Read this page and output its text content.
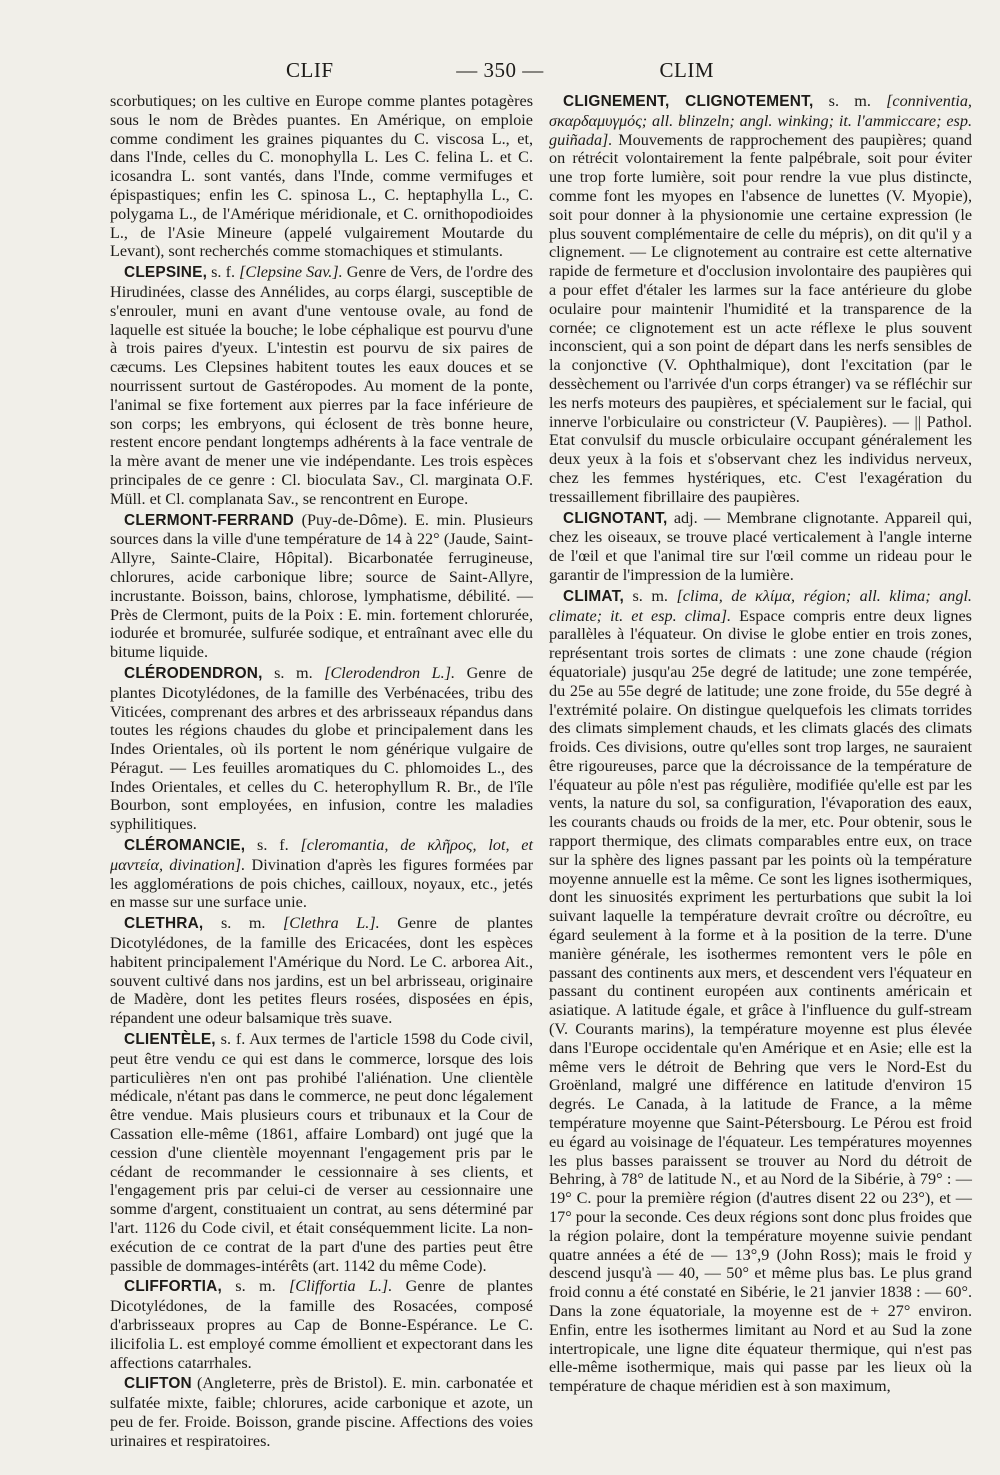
CLIF	— 350 —	CLIM

scorbutiques; on les cultive en Europe comme plantes potagères sous le nom de Brèdes puantes. En Amérique, on emploie comme condiment les graines piquantes du C. viscosa L., et, dans l'Inde, celles du C. monophylla L. Les C. felina L. et C. icosandra L. sont vantés, dans l'Inde, comme vermifuges et épispastiques; enfin les C. spinosa L., C. heptaphylla L., C. polygama L., de l'Amérique méridionale, et C. ornithopodioides L., de l'Asie Mineure (appelé vulgairement Moutarde du Levant), sont recherchés comme stomachiques et stimulants.

CLEPSINE, s. f. [Clepsine Sav.]. Genre de Vers, de l'ordre des Hirudinées, classe des Annélides, au corps élargi, susceptible de s'enrouler, muni en avant d'une ventouse ovale, au fond de laquelle est située la bouche; le lobe céphalique est pourvu d'une à trois paires d'yeux. L'intestin est pourvu de six paires de cæcums. Les Clepsines habitent toutes les eaux douces et se nourrissent surtout de Gastéropodes. Au moment de la ponte, l'animal se fixe fortement aux pierres par la face inférieure de son corps; les embryons, qui éclosent de très bonne heure, restent encore pendant longtemps adhérents à la face ventrale de la mère avant de mener une vie indépendante. Les trois espèces principales de ce genre : Cl. bioculata Sav., Cl. marginata O.F. Müll. et Cl. complanata Sav., se rencontrent en Europe.

CLERMONT-FERRAND (Puy-de-Dôme). E. min. Plusieurs sources dans la ville d'une température de 14 à 22° (Jaude, Saint-Allyre, Sainte-Claire, Hôpital). Bicarbonatée ferrugineuse, chlorures, acide carbonique libre; source de Saint-Allyre, incrustante. Boisson, bains, chlorose, lymphatisme, débilité. — Près de Clermont, puits de la Poix : E. min. fortement chlorurée, iodurée et bromurée, sulfurée sodique, et entraînant avec elle du bitume liquide.

CLÉRODENDRON, s. m. [Clerodendron L.]. Genre de plantes Dicotylédones, de la famille des Verbénacées, tribu des Viticées, comprenant des arbres et des arbrisseaux répandus dans toutes les régions chaudes du globe et principalement dans les Indes Orientales, où ils portent le nom générique vulgaire de Péragut. — Les feuilles aromatiques du C. phlomoides L., des Indes Orientales, et celles du C. heterophyllum R. Br., de l'île Bourbon, sont employées, en infusion, contre les maladies syphilitiques.

CLÉROMANCIE, s. f. [cleromantia, de κλῆρος, lot, et μαντεία, divination]. Divination d'après les figures formées par les agglomérations de pois chiches, cailloux, noyaux, etc., jetés en masse sur une surface unie.

CLETHRA, s. m. [Clethra L.]. Genre de plantes Dicotylédones, de la famille des Ericacées, dont les espèces habitent principalement l'Amérique du Nord. Le C. arborea Ait., souvent cultivé dans nos jardins, est un bel arbrisseau, originaire de Madère, dont les petites fleurs rosées, disposées en épis, répandent une odeur balsamique très suave.

CLIENTÈLE, s. f. Aux termes de l'article 1598 du Code civil, peut être vendu ce qui est dans le commerce, lorsque des lois particulières n'en ont pas prohibé l'aliénation. Une clientèle médicale, n'étant pas dans le commerce, ne peut donc légalement être vendue. Mais plusieurs cours et tribunaux et la Cour de Cassation elle-même (1861, affaire Lombard) ont jugé que la cession d'une clientèle moyennant l'engagement pris par le cédant de recommander le cessionnaire à ses clients, et l'engagement pris par celui-ci de verser au cessionnaire une somme d'argent, constituaient un contrat, au sens déterminé par l'art. 1126 du Code civil, et était conséquemment licite. La non-exécution de ce contrat de la part d'une des parties peut être passible de dommages-intérêts (art. 1142 du même Code).

CLIFFORTIA, s. m. [Cliffortia L.]. Genre de plantes Dicotylédones, de la famille des Rosacées, composé d'arbrisseaux propres au Cap de Bonne-Espérance. Le C. ilicifolia L. est employé comme émollient et expectorant dans les affections catarrhales.

CLIFTON (Angleterre, près de Bristol). E. min. carbonatée et sulfatée mixte, faible; chlorures, acide carbonique et azote, un peu de fer. Froide. Boisson, grande piscine. Affections des voies urinaires et respiratoires.

CLIGNEMENT, CLIGNOTEMENT, s. m. [conniventia, σκαρδαμυγμός; all. blinzeln; angl. winking; it. l'ammiccare; esp. guiñada]. Mouvements de rapprochement des paupières; quand on rétrécit volontairement la fente palpébrale, soit pour éviter une trop forte lumière, soit pour rendre la vue plus distincte, comme font les myopes en l'absence de lunettes (V. Myopie), soit pour donner à la physionomie une certaine expression (le plus souvent complémentaire de celle du mépris), on dit qu'il y a clignement. — Le clignotement au contraire est cette alternative rapide de fermeture et d'occlusion involontaire des paupières qui a pour effet d'étaler les larmes sur la face antérieure du globe oculaire pour maintenir l'humidité et la transparence de la cornée; ce clignotement est un acte réflexe le plus souvent inconscient, qui a son point de départ dans les nerfs sensibles de la conjonctive (V. Ophthalmique), dont l'excitation (par le dessèchement ou l'arrivée d'un corps étranger) va se réfléchir sur les nerfs moteurs des paupières, et spécialement sur le facial, qui innerve l'orbiculaire ou constricteur (V. Paupières). — || Pathol. Etat convulsif du muscle orbiculaire occupant généralement les deux yeux à la fois et s'observant chez les individus nerveux, chez les femmes hystériques, etc. C'est l'exagération du tressaillement fibrillaire des paupières.

CLIGNOTANT, adj. — Membrane clignotante. Appareil qui, chez les oiseaux, se trouve placé verticalement à l'angle interne de l'œil et que l'animal tire sur l'œil comme un rideau pour le garantir de l'impression de la lumière.

CLIMAT, s. m. [clima, de κλίμα, région; all. klima; angl. climate; it. et esp. clima]. Espace compris entre deux lignes parallèles à l'équateur. On divise le globe entier en trois zones, représentant trois sortes de climats : une zone chaude (région équatoriale) jusqu'au 25e degré de latitude; une zone tempérée, du 25e au 55e degré de latitude; une zone froide, du 55e degré à l'extrémité polaire. On distingue quelquefois les climats torrides des climats simplement chauds, et les climats glacés des climats froids. Ces divisions, outre qu'elles sont trop larges, ne sauraient être rigoureuses, parce que la décroissance de la température de l'équateur au pôle n'est pas régulière, modifiée qu'elle est par les vents, la nature du sol, sa configuration, l'évaporation des eaux, les courants chauds ou froids de la mer, etc. Pour obtenir, sous le rapport thermique, des climats comparables entre eux, on trace sur la sphère des lignes passant par les points où la température moyenne annuelle est la même. Ce sont les lignes isothermiques, dont les sinuosités expriment les perturbations que subit la loi suivant laquelle la température devrait croître ou décroître, eu égard seulement à la forme et à la position de la terre. D'une manière générale, les isothermes remontent vers le pôle en passant des continents aux mers, et descendent vers l'équateur en passant du continent européen aux continents américain et asiatique. A latitude égale, et grâce à l'influence du gulf-stream (V. Courants marins), la température moyenne est plus élevée dans l'Europe occidentale qu'en Amérique et en Asie; elle est la même vers le détroit de Behring que vers le Nord-Est du Groënland, malgré une différence en latitude d'environ 15 degrés. Le Canada, à la latitude de France, a la même température moyenne que Saint-Pétersbourg. Le Pérou est froid eu égard au voisinage de l'équateur. Les températures moyennes les plus basses paraissent se trouver au Nord du détroit de Behring, à 78° de latitude N., et au Nord de la Sibérie, à 79° : — 19° C. pour la première région (d'autres disent 22 ou 23°), et — 17° pour la seconde. Ces deux régions sont donc plus froides que la région polaire, dont la température moyenne suivie pendant quatre années a été de — 13°,9 (John Ross); mais le froid y descend jusqu'à — 40, — 50° et même plus bas. Le plus grand froid connu a été constaté en Sibérie, le 21 janvier 1838 : — 60°. Dans la zone équatoriale, la moyenne est de + 27° environ. Enfin, entre les isothermes limitant au Nord et au Sud la zone intertropicale, une ligne dite équateur thermique, qui n'est pas elle-même isothermique, mais qui passe par les lieux où la température de chaque méridien est à son maximum,
